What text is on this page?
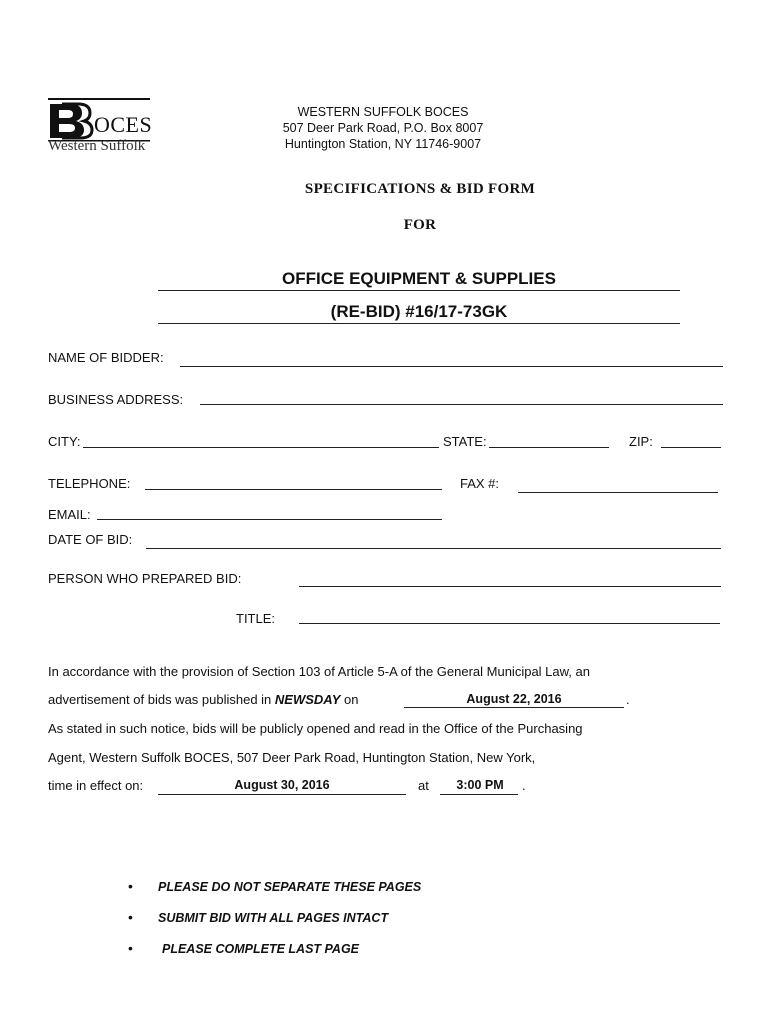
OCES
Western Suffolk
WESTERN SUFFOLK BOCES
507 Deer Park Road, P.O. Box 8007
Huntington Station, NY 11746-9007
SPECIFICATIONS & BID FORM
FOR
OFFICE EQUIPMENT & SUPPLIES
(RE-BID) #16/17-73GK
NAME OF BIDDER:
BUSINESS ADDRESS:
CITY:	STATE:	ZIP:
TELEPHONE:	FAX #:
EMAIL:
DATE OF BID:
PERSON WHO PREPARED BID:
TITLE:
In accordance with the provision of Section 103 of Article 5-A of the General Municipal Law, an
advertisement of bids was published in NEWSDAY on	August 22, 2016	.
As stated in such notice, bids will be publicly opened and read in the Office of the Purchasing
Agent, Western Suffolk BOCES, 507 Deer Park Road, Huntington Station, New York,
time in effect on:	August 30, 2016	at	3:00 PM	.
• PLEASE DO NOT SEPARATE THESE PAGES
• SUBMIT BID WITH ALL PAGES INTACT
• PLEASE COMPLETE LAST PAGE
